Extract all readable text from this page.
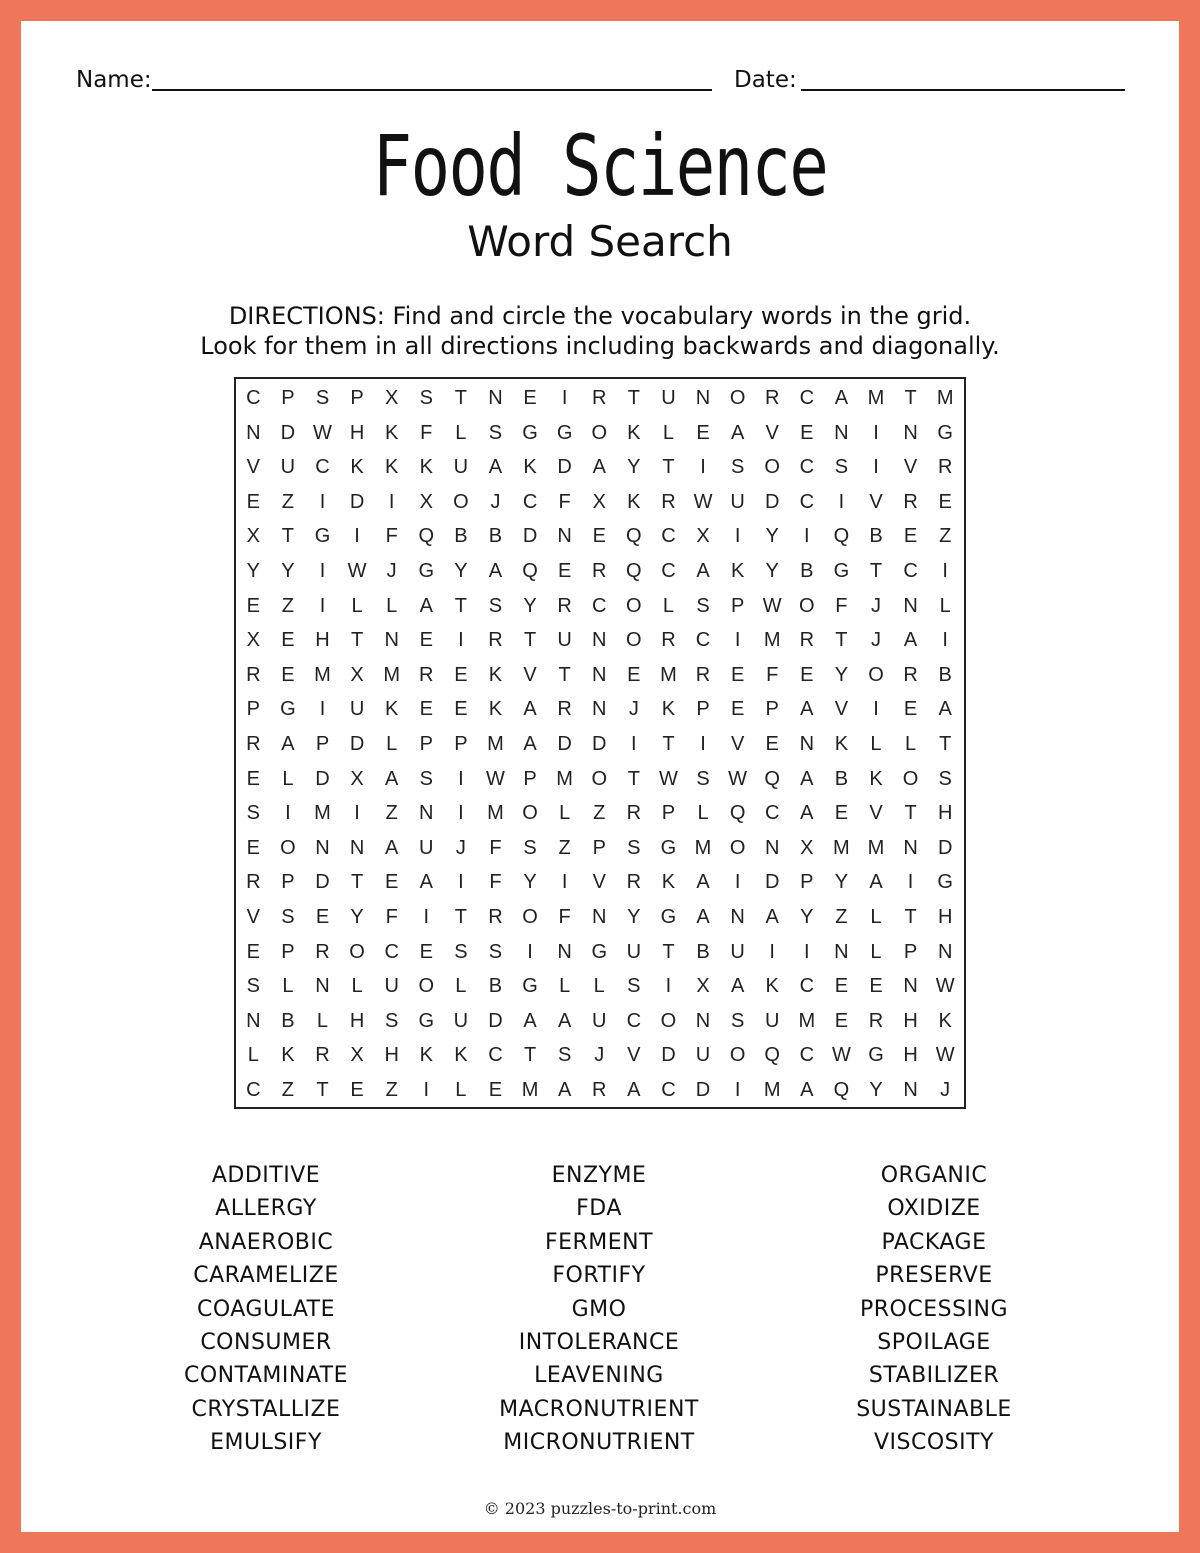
Name:	Date:
Food Science
Word Search
DIRECTIONS: Find and circle the vocabulary words in the grid.
Look for them in all directions including backwards and diagonally.
C	P	S	P	X	S	T	N	E	I	R	T	U	N O R	C	A M	T	M
N	D W H	K	F	L	S	G G O	K	L	E	A	V	E	N	I	N G
V	U	C	K	K	K	U	A	K	D	A	Y	T	I	S	O C	S	I	V	R
E	Z	I	D	I	X	O	J	C	F	X	K	R W U	D	C	I	V	R	E
X	T	G	I	F	Q	B	B	D	N	E	Q C	X	I	Y	I	Q	B	E	Z
Y	Y	I	W	J	G	Y	A	Q	E	R Q C	A	K	Y	B	G	T	C	I
E	Z	I	L	L	A	T	S	Y	R	C O	L	S	P W O	F	J	N	L
X	E	H	T	N	E	I	R	T	U	N O R	C	I	M R	T	J	A	I
R	E M X M R	E	K	V	T	N	E M R	E	F	E	Y	O R	B
P	G	I	U	K	E	E	K	A	R	N	J	K	P	E	P	A	V	I	E	A
R	A	P	D	L	P	P M A	D	D	I	T	I	V	E	N	K	L	L	T
E	L	D	X	A	S	I	W P M O	T W S W Q	A	B	K	O	S
S	I	M	I	Z	N	I	M O	L	Z	R	P	L	Q C	A	E	V	T	H
E	O N	N	A	U	J	F	S	Z	P	S	G M O N	X M M N	D
R	P	D	T	E	A	I	F	Y	I	V	R	K	A	I	D	P	Y	A	I	G
V	S	E	Y	F	I	T	R O	F	N	Y	G	A	N	A	Y	Z	L	T	H
E	P	R O C	E	S	S	I	N G U	T	B	U	I	I	N	L	P	N
S	L	N	L	U O	L	B	G	L	L	S	I	X	A	K	C	E	E	N W
N	B	L	H	S	G U	D	A	A	U	C O N	S	U M E	R	H	K
L	K	R	X	H	K	K	C	T	S	J	V	D	U O Q C W G H W
C	Z	T	E	Z	I	L	E M A	R	A	C	D	I	M A	Q	Y	N	J
ADDITIVE
ALLERGY
ANAEROBIC
CARAMELIZE
COAGULATE
CONSUMER
CONTAMINATE
CRYSTALLIZE
EMULSIFY
ENZYME
FDA
FERMENT
FORTIFY
GMO
INTOLERANCE
LEAVENING
MACRONUTRIENT
MICRONUTRIENT
ORGANIC
OXIDIZE
PACKAGE
PRESERVE
PROCESSING
SPOILAGE
STABILIZER
SUSTAINABLE
VISCOSITY
© 2023 puzzles-to-print.com
